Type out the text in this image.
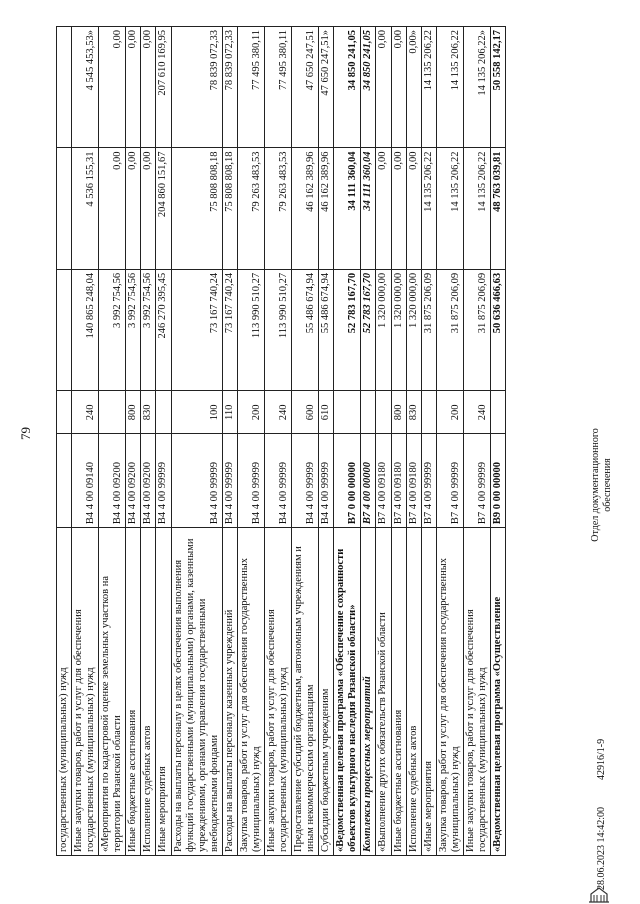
79
государственных (муниципальных) нужд					
Иные закупки товаров, работ и услуг для обеспечения государственных (муниципальных) нужд	B4 4 00 09140	240	140 865 248,04	4 536 155,31	4 545 453,53»
«Мероприятия по кадастровой оценке земельных участков на территории Рязанской области	B4 4 00 09200		3 992 754,56	0,00	0,00
Иные бюджетные ассигнования	B4 4 00 09200	800	3 992 754,56	0,00	0,00
Исполнение судебных актов	B4 4 00 09200	830	3 992 754,56	0,00	0,00
Иные мероприятия	B4 4 00 99999		246 270 395,45	204 860 151,67	207 610 169,95
Расходы на выплаты персоналу в целях обеспечения выполнения функций государственными (муниципальными) органами, казенными учреждениями, органами управления государственными внебюджетными фондами	B4 4 00 99999	100	73 167 740,24	75 808 808,18	78 839 072,33
Расходы на выплаты персоналу казенных учреждений	B4 4 00 99999	110	73 167 740,24	75 808 808,18	78 839 072,33
Закупка товаров, работ и услуг для обеспечения государственных (муниципальных) нужд	B4 4 00 99999	200	113 990 510,27	79 263 483,53	77 495 380,11
Иные закупки товаров, работ и услуг для обеспечения государственных (муниципальных) нужд	B4 4 00 99999	240	113 990 510,27	79 263 483,53	77 495 380,11
Предоставление субсидий бюджетным, автономным учреждениям и иным некоммерческим организациям	B4 4 00 99999	600	55 486 674,94	46 162 389,96	47 650 247,51
Субсидии бюджетным учреждениям	B4 4 00 99999	610	55 486 674,94	46 162 389,96	47 650 247,51»
«Ведомственная целевая программа «Обеспечение сохранности объектов культурного наследия Рязанской области»	B7 0 00 00000		52 783 167,70	34 111 360,04	34 850 241,05
Комплексы процессных мероприятий	B7 4 00 00000		52 783 167,70	34 111 360,04	34 850 241,05
«Выполнение других обязательств Рязанской области	B7 4 00 09180		1 320 000,00	0,00	0,00
Иные бюджетные ассигнования	B7 4 00 09180	800	1 320 000,00	0,00	0,00
Исполнение судебных актов	B7 4 00 09180	830	1 320 000,00	0,00	0,00»
«Иные мероприятия	B7 4 00 99999		31 875 206,09	14 135 206,22	14 135 206,22
Закупка товаров, работ и услуг для обеспечения государственных (муниципальных) нужд	B7 4 00 99999	200	31 875 206,09	14 135 206,22	14 135 206,22
Иные закупки товаров, работ и услуг для обеспечения государственных (муниципальных) нужд	B7 4 00 99999	240	31 875 206,09	14 135 206,22	14 135 206,22»
«Ведомственная целевая программа «Осуществление	B9 0 00 00000		50 636 466,63	48 763 039,81	50 558 142,17
Отдел документационного обеспечения
28.06.2023 14:42:00
42916/1-9
